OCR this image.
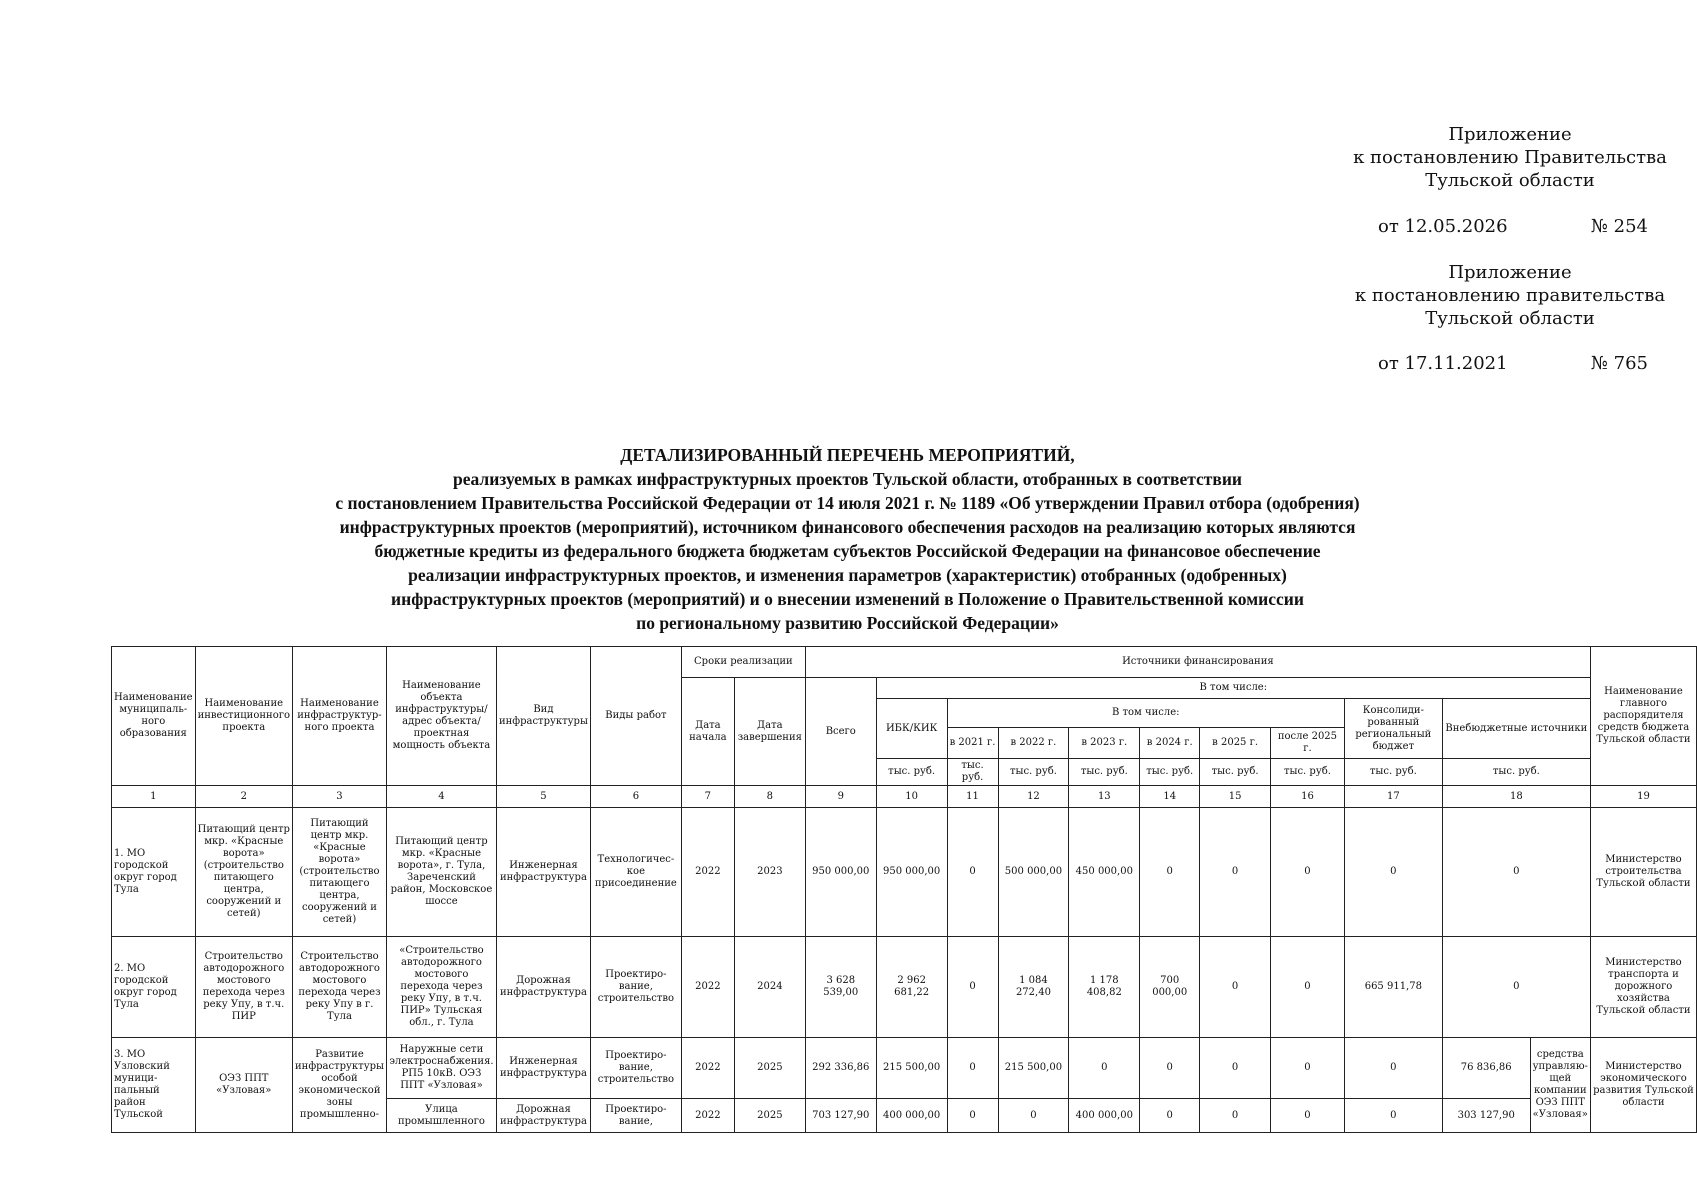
Приложение
к постановлению Правительства
Тульской области
от 12.05.2026	№ 254
Приложение
к постановлению правительства
Тульской области
от 17.11.2021	№ 765
ДЕТАЛИЗИРОВАННЫЙ ПЕРЕЧЕНЬ МЕРОПРИЯТИЙ,
реализуемых в рамках инфраструктурных проектов Тульской области, отобранных в соответствии
с постановлением Правительства Российской Федерации от 14 июля 2021 г. № 1189 «Об утверждении Правил отбора (одобрения)
инфраструктурных проектов (мероприятий), источником финансового обеспечения расходов на реализацию которых являются
бюджетные кредиты из федерального бюджета бюджетам субъектов Российской Федерации на финансовое обеспечение
реализации инфраструктурных проектов, и изменения параметров (характеристик) отобранных (одобренных)
инфраструктурных проектов (мероприятий) и о внесении изменений в Положение о Правительственной комиссии
по региональному развитию Российской Федерации»
Наименование муниципаль-ного образования	Наименование инвестиционного проекта	Наименование инфраструктур-ного проекта	Наименование объекта инфраструктуры/ адрес объекта/ проектная мощность объекта	Вид инфраструктуры	Виды работ	Сроки реализации		Источники финансирования											Наименование главного распорядителя средств бюджета Тульской области
						Дата начала	Дата завершения	Всего	В том числе:										
									ИБК/КИК	В том числе:						Консолиди-рованный региональный бюджет	Внебюджетные источники		
										в 2021 г.	в 2022 г.	в 2023 г.	в 2024 г.	в 2025 г.	после 2025 г.				
									тыс. руб.	тыс. руб.	тыс. руб.	тыс. руб.	тыс. руб.	тыс. руб.	тыс. руб.	тыс. руб.	тыс. руб.		
1	2	3	4	5	6	7	8	9	10	11	12	13	14	15	16	17	18		19
1. МО городской округ город Тула	Питающий центр мкр. «Красные ворота» (строительство питающего центра, сооружений и сетей)	Питающий центр мкр. «Красные ворота» (строительство питающего центра, сооружений и сетей)	Питающий центр мкр. «Красные ворота», г. Тула, Зареченский район, Московское шоссе	Инженерная инфраструктура	Технологичес-кое присоединение	2022	2023	950 000,00	950 000,00	0	500 000,00	450 000,00	0	0	0	0	0		Министерство строительства Тульской области
2. МО городской округ город Тула	Строительство автодорожного мостового перехода через реку Упу, в т.ч. ПИР	Строительство автодорожного мостового перехода через реку Упу в г. Тула	«Строительство автодорожного мостового перехода через реку Упу, в т.ч. ПИР» Тульская обл., г. Тула	Дорожная инфраструктура	Проектиро-вание, строительство	2022	2024	3 628 539,00	2 962 681,22	0	1 084 272,40	1 178 408,82	700 000,00	0	0	665 911,78	0		Министерство транспорта и дорожного хозяйства Тульской области
3. МО Узловский муници-пальный район Тульской	ОЭЗ ППТ «Узловая»	Развитие инфраструктуры особой экономической зоны промышленно-	Наружные сети электроснабжения. РП5 10кВ. ОЭЗ ППТ «Узловая»	Инженерная инфраструктура	Проектиро-вание, строительство	2022	2025	292 336,86	215 500,00	0	215 500,00	0	0	0	0	0	76 836,86	средства управляю-щей компании ОЭЗ ППТ «Узловая»	Министерство экономического развития Тульской области
			Улица промышленного	Дорожная инфраструктура	Проектиро-вание,	2022	2025	703 127,90	400 000,00	0	0	400 000,00	0	0	0	0	303 127,90		
